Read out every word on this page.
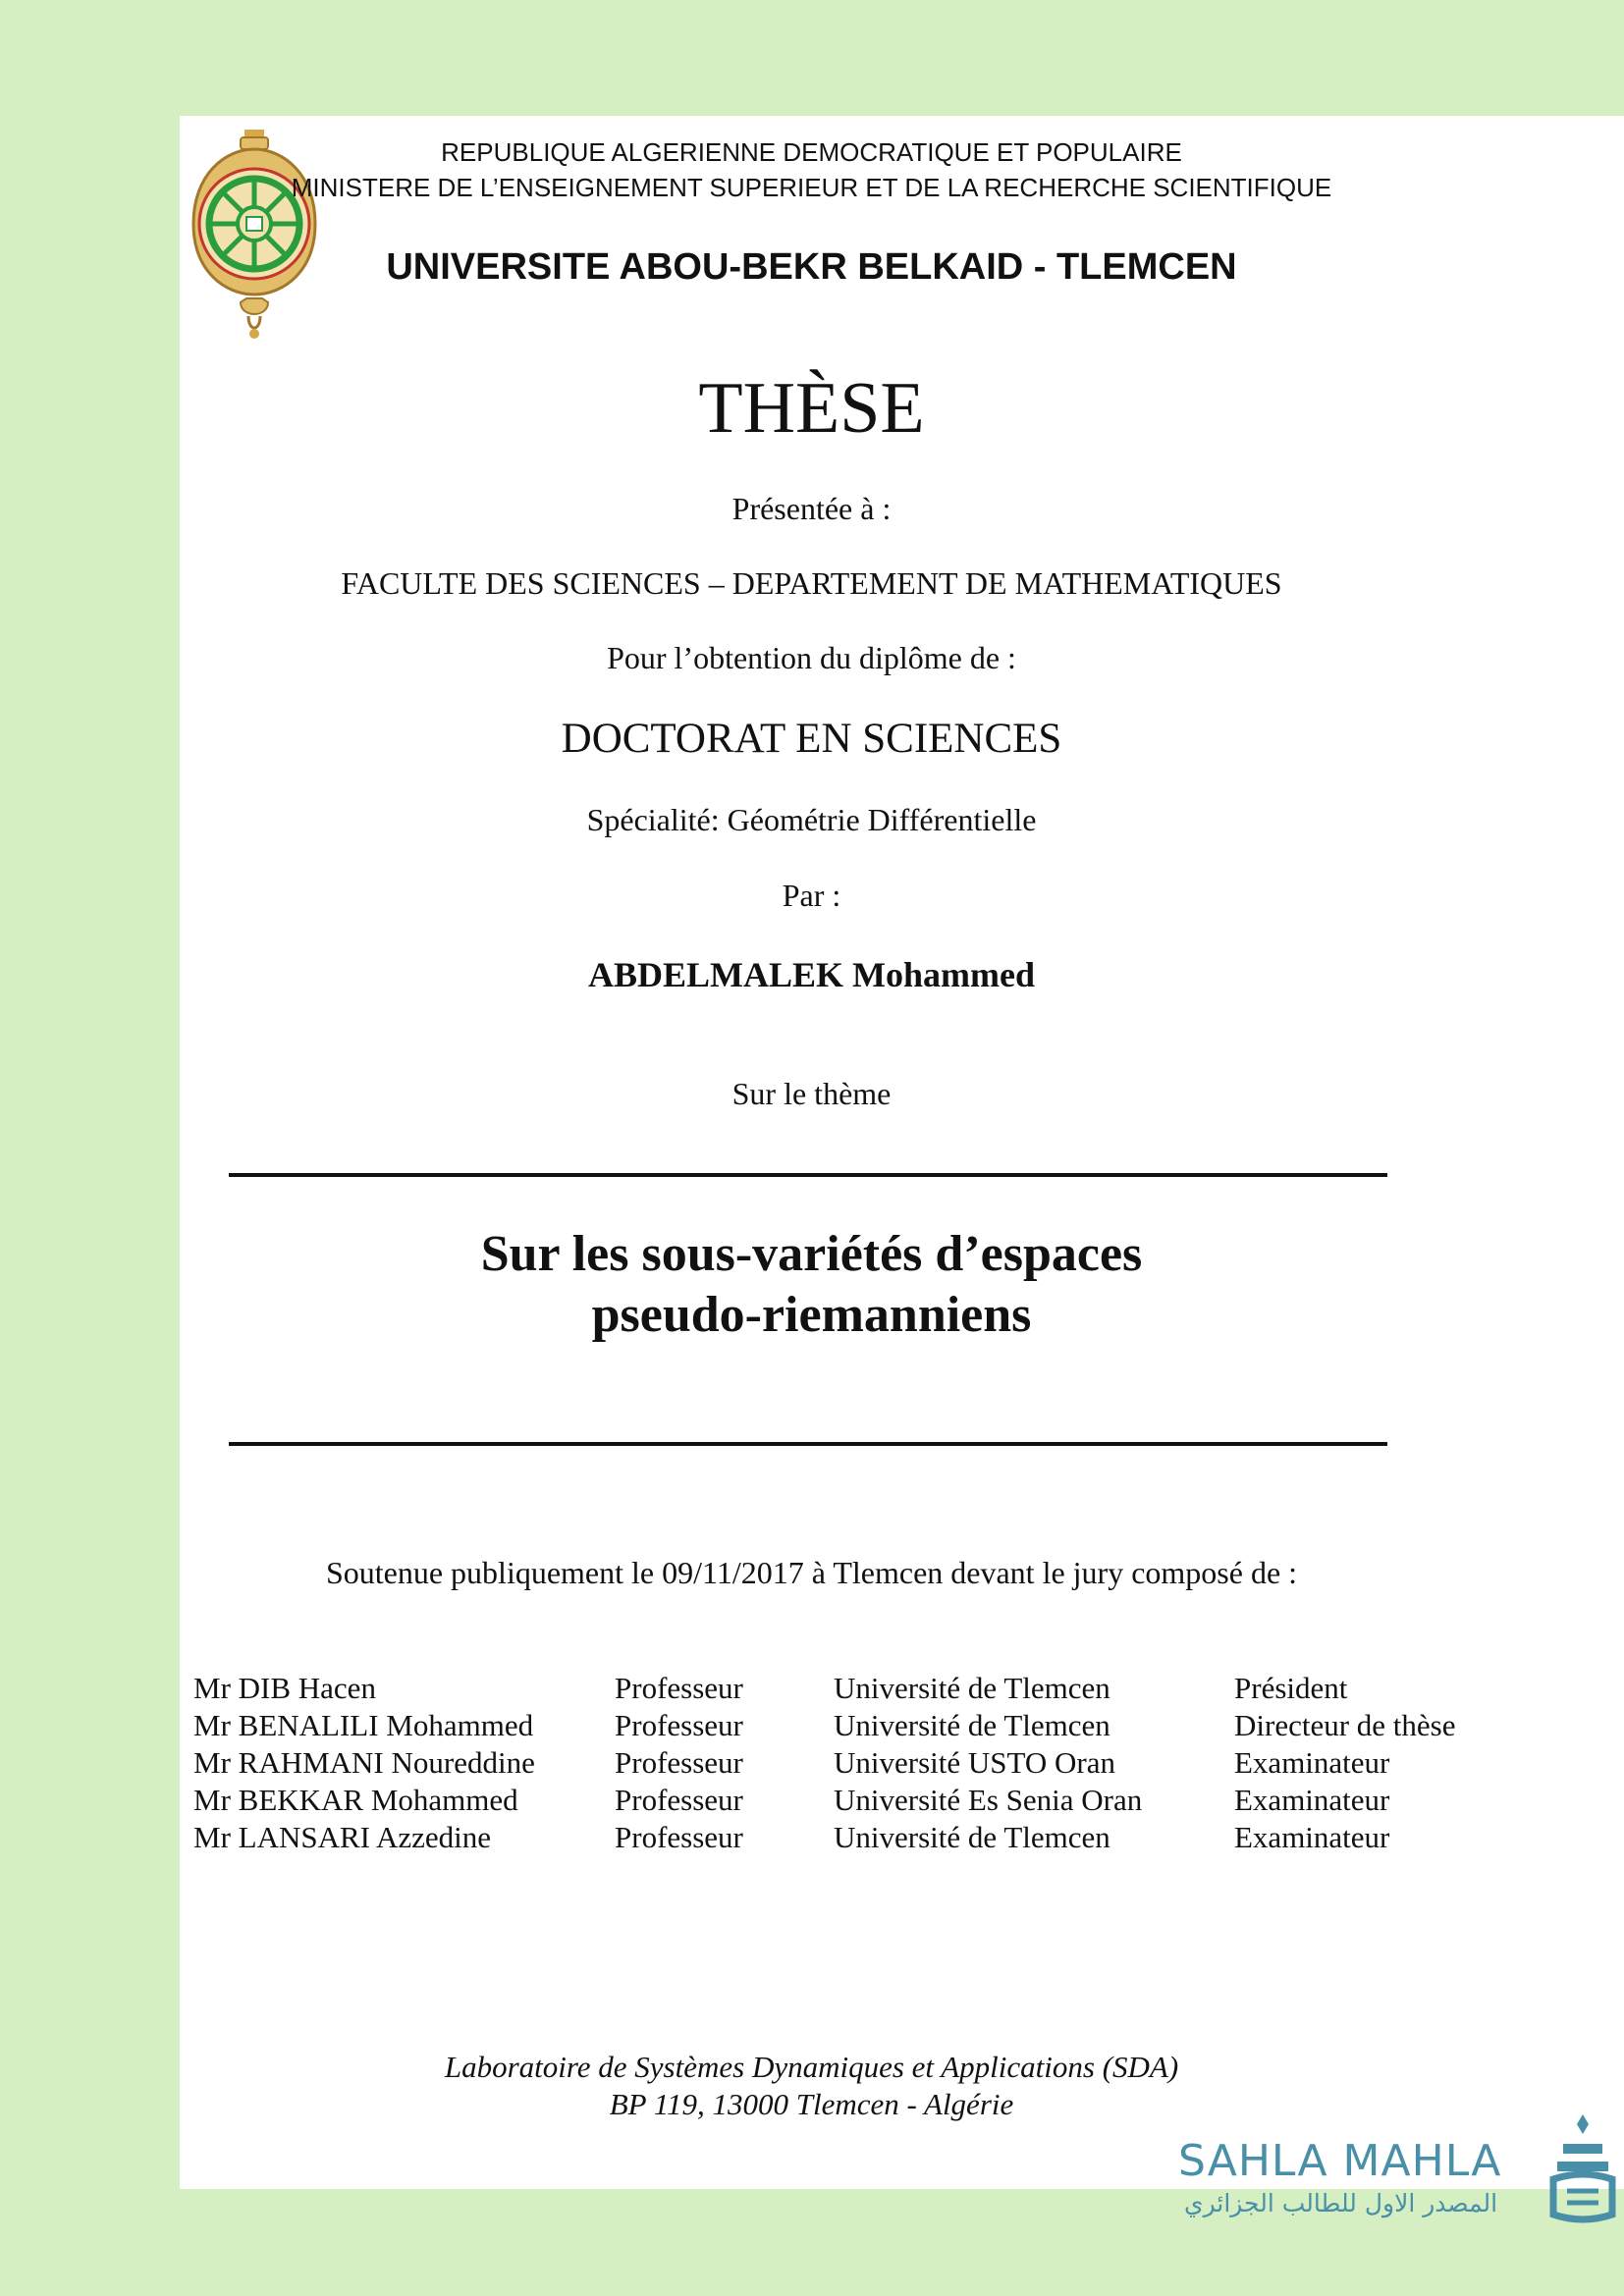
REPUBLIQUE ALGERIENNE DEMOCRATIQUE ET POPULAIRE
MINISTERE DE L’ENSEIGNEMENT SUPERIEUR ET DE LA RECHERCHE SCIENTIFIQUE
UNIVERSITE ABOU-BEKR BELKAID - TLEMCEN
THÈSE
Présentée à :
FACULTE DES SCIENCES – DEPARTEMENT DE MATHEMATIQUES
Pour l’obtention du diplôme de :
DOCTORAT EN SCIENCES
Spécialité: Géométrie Différentielle
Par :
ABDELMALEK Mohammed
Sur le thème
Sur les sous-variétés d’espaces
pseudo-riemanniens
Soutenue publiquement le 09/11/2017 à Tlemcen devant le jury composé de :
Mr DIB Hacen	Professeur	Université de Tlemcen	Président
Mr BENALILI Mohammed	Professeur	Université de Tlemcen	Directeur de thèse
Mr RAHMANI Noureddine	Professeur	Université USTO Oran	Examinateur
Mr BEKKAR Mohammed	Professeur	Université Es Senia Oran	Examinateur
Mr LANSARI Azzedine	Professeur	Université de Tlemcen	Examinateur
Laboratoire de Systèmes Dynamiques et Applications (SDA)
BP 119, 13000 Tlemcen - Algérie
SAHLA MAHLA
المصدر الاول للطالب الجزائري
